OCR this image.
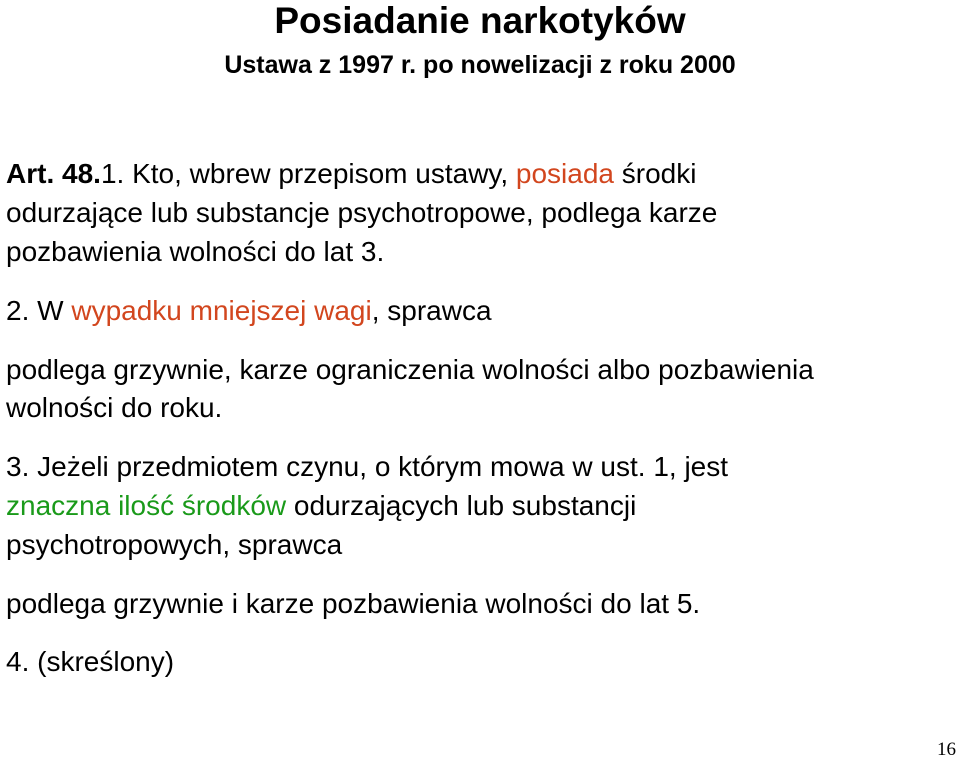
Posiadanie narkotyków
Ustawa z 1997 r. po nowelizacji z roku 2000
Art. 48.1. Kto, wbrew przepisom ustawy, posiada środki
odurzające lub substancje psychotropowe, podlega karze
pozbawienia wolności do lat 3.
2. W wypadku mniejszej wagi, sprawca
podlega grzywnie, karze ograniczenia wolności albo pozbawienia
wolności do roku.
3. Jeżeli przedmiotem czynu, o którym mowa w ust. 1, jest
znaczna ilość środków odurzających lub substancji
psychotropowych, sprawca
podlega grzywnie i karze pozbawienia wolności do lat 5.
4. (skreślony)
16
